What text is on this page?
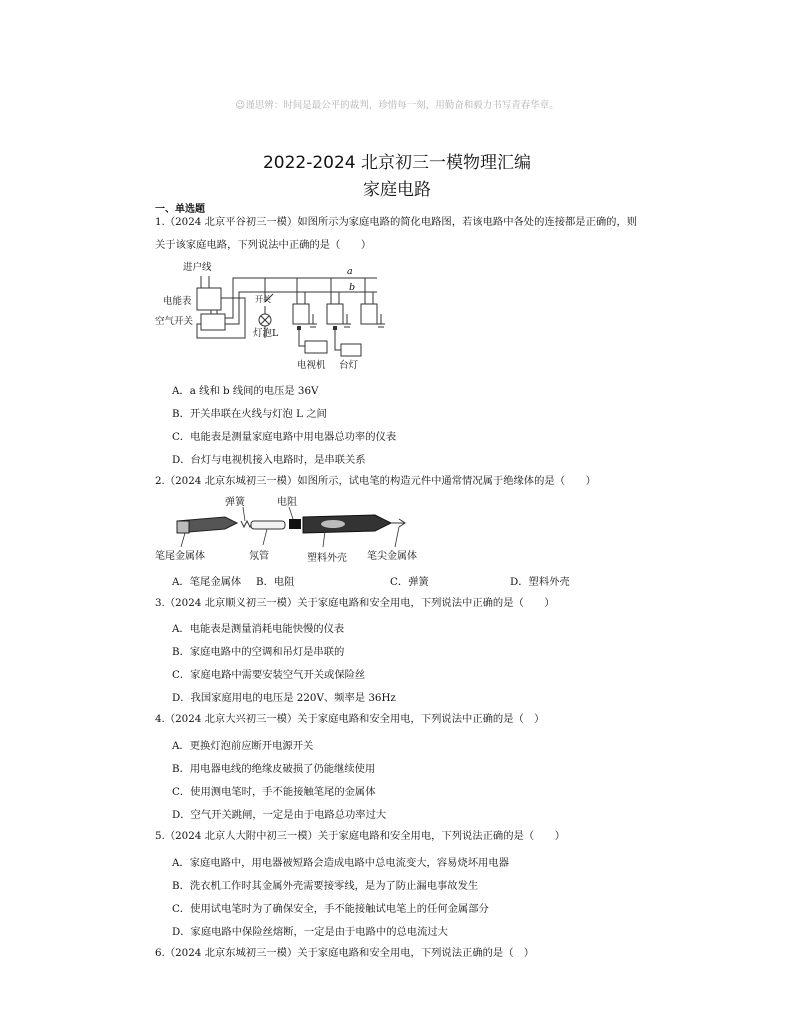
☺谨思辨：时间是最公平的裁判，珍惜每一刻，用勤奋和毅力书写青春华章。
2022-2024 北京初三一模物理汇编
家庭电路
一、单选题
1.（2024 北京平谷初三一模）如图所示为家庭电路的简化电路图，若该电路中各处的连接都是正确的，则
关于该家庭电路，下列说法中正确的是（　　）
进户线
电能表
空气开关
开关
灯泡L
a
b
电视机 台灯
A．a 线和 b 线间的电压是 36V
B．开关串联在火线与灯泡 L 之间
C．电能表是测量家庭电路中用电器总功率的仪表
D．台灯与电视机接入电路时，是串联关系
2.（2024 北京东城初三一模）如图所示，试电笔的构造元件中通常情况属于绝缘体的是（　　）
弹簧	电阻
笔尾金属体	氖管	塑料外壳 笔尖金属体
A．笔尾金属体 B．电阻	C．弹簧	D．塑料外壳
3.（2024 北京顺义初三一模）关于家庭电路和安全用电，下列说法中正确的是（　　）
A．电能表是测量消耗电能快慢的仪表
B．家庭电路中的空调和吊灯是串联的
C．家庭电路中需要安装空气开关或保险丝
D．我国家庭用电的电压是 220V、频率是 36Hz
4.（2024 北京大兴初三一模）关于家庭电路和安全用电，下列说法中正确的是（　）
A．更换灯泡前应断开电源开关
B．用电器电线的绝缘皮破损了仍能继续使用
C．使用测电笔时，手不能接触笔尾的金属体
D．空气开关跳闸，一定是由于电路总功率过大
5.（2024 北京人大附中初三一模）关于家庭电路和安全用电，下列说法正确的是（　　）
A．家庭电路中，用电器被短路会造成电路中总电流变大，容易烧坏用电器
B．洗衣机工作时其金属外壳需要接零线，是为了防止漏电事故发生
C．使用试电笔时为了确保安全，手不能接触试电笔上的任何金属部分
D．家庭电路中保险丝熔断，一定是由于电路中的总电流过大
6.（2024 北京东城初三一模）关于家庭电路和安全用电，下列说法正确的是（　）
